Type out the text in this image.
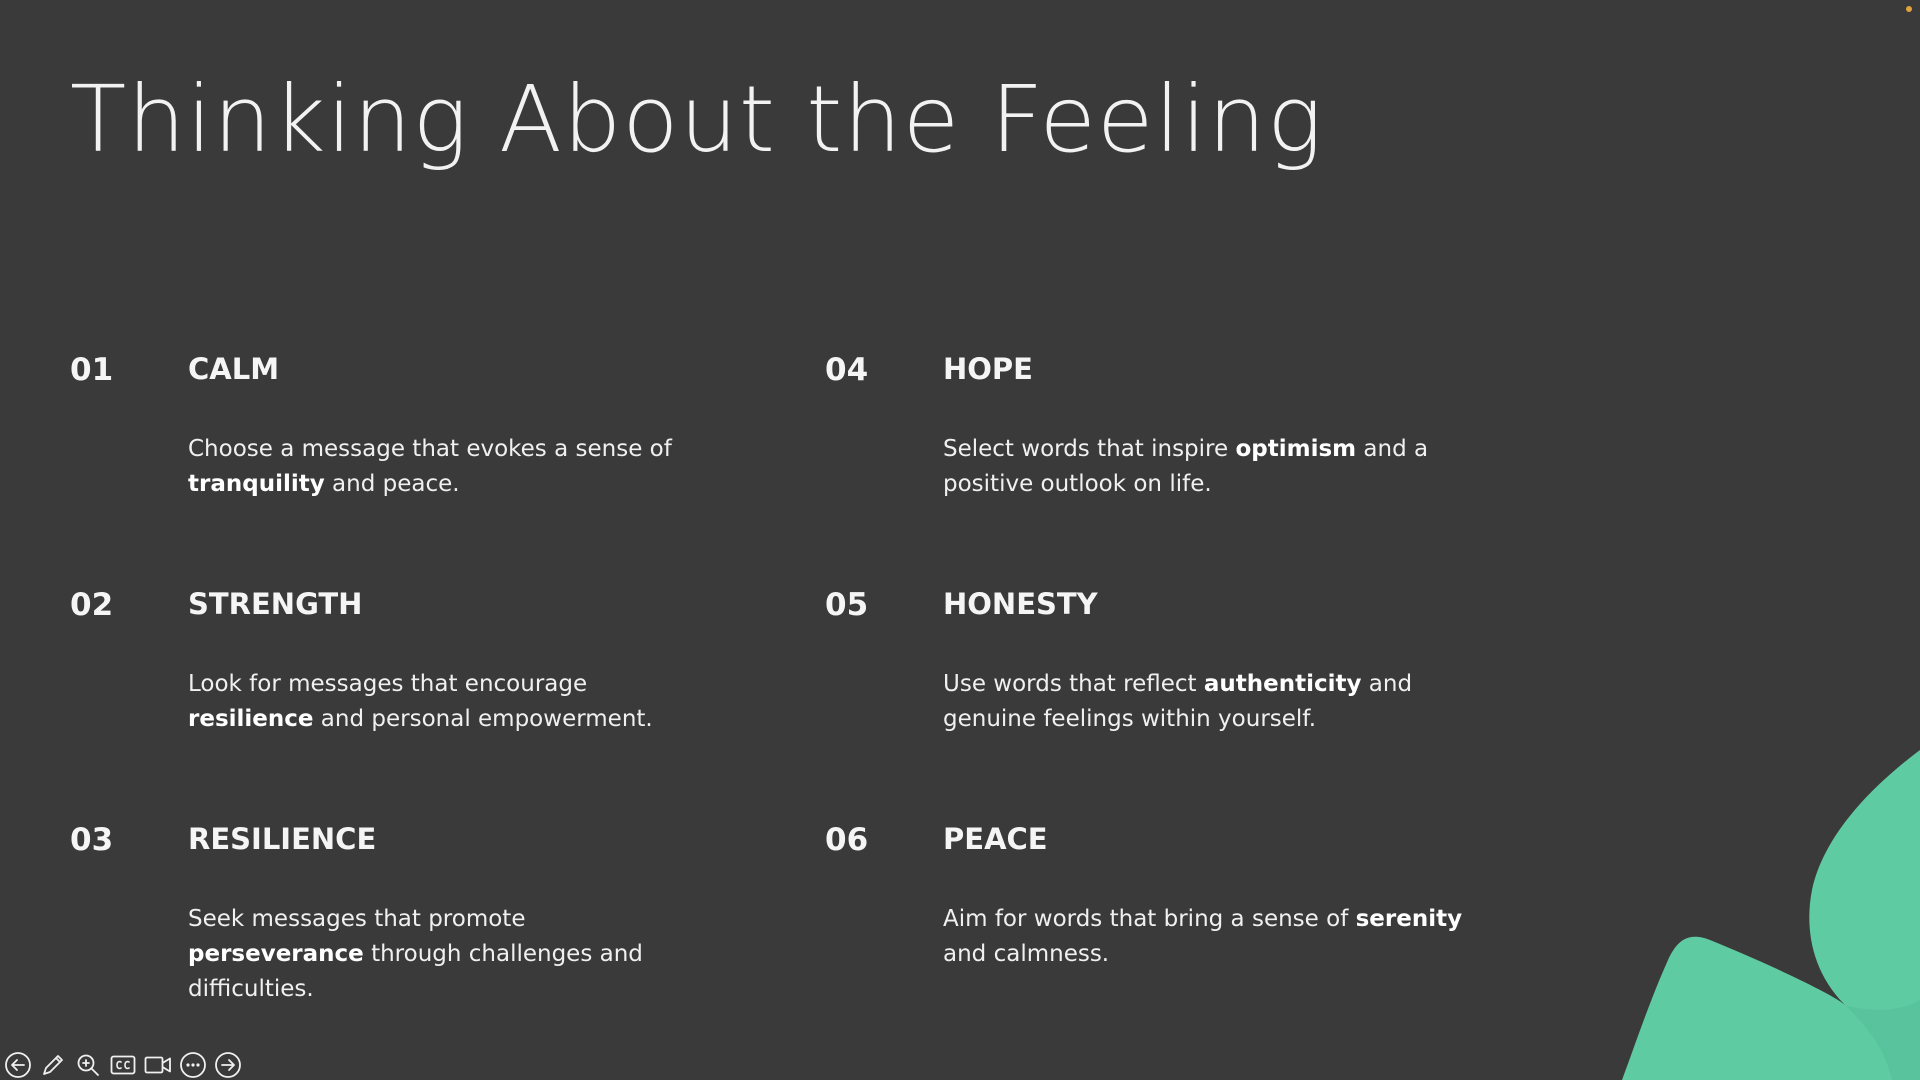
Thinking About the Feeling
01	CALM

Choose a message that evokes a sense of tranquility and peace.

02	STRENGTH

Look for messages that encourage resilience and personal empowerment.

03	RESILIENCE

Seek messages that promote perseverance through challenges and difficulties.

04	HOPE

Select words that inspire optimism and a positive outlook on life.

05	HONESTY

Use words that reflect authenticity and genuine feelings within yourself.

06	PEACE

Aim for words that bring a sense of serenity and calmness.
